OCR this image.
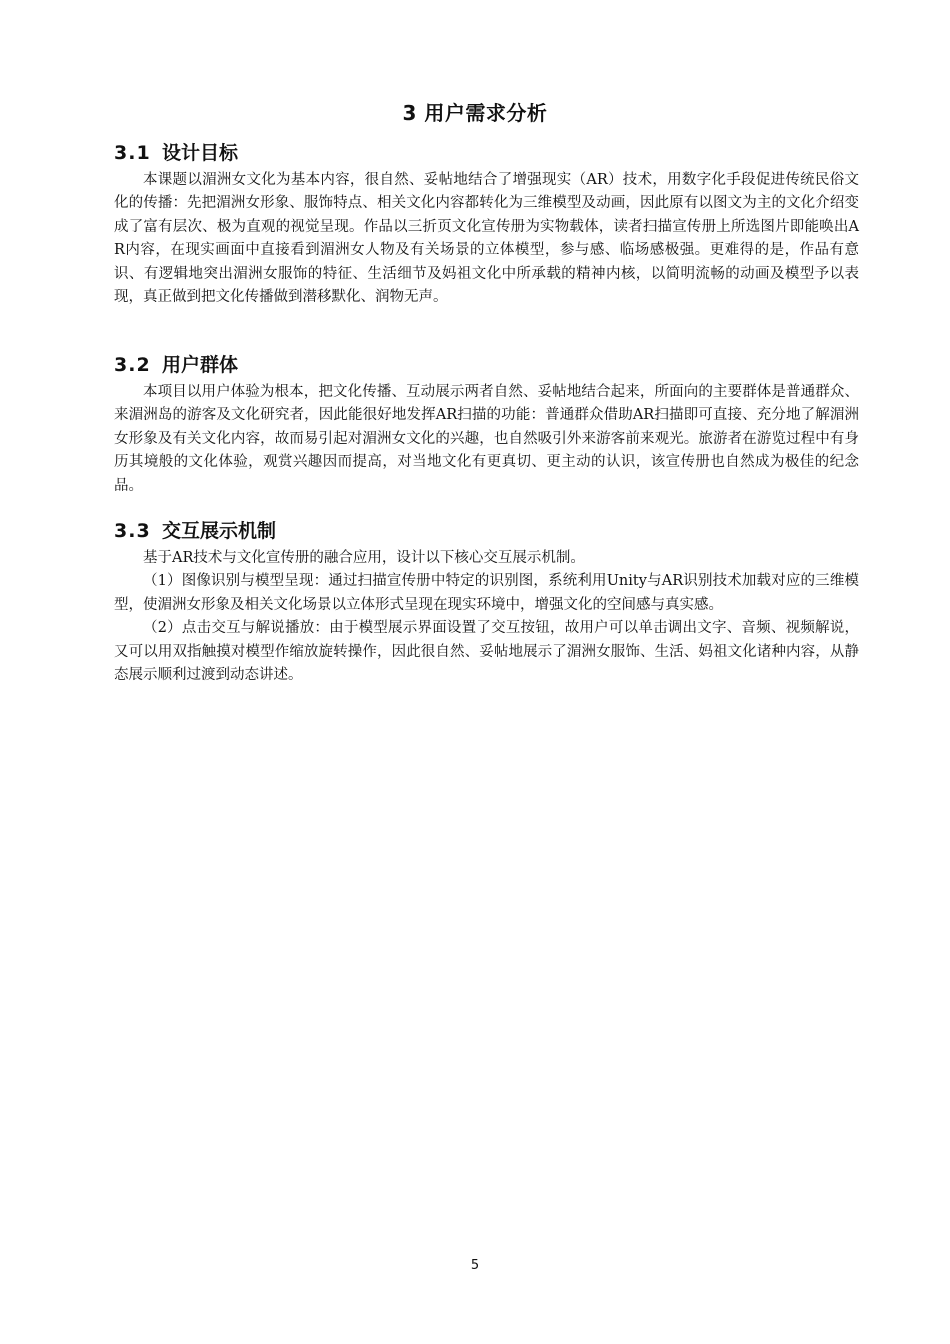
3 用户需求分析
3.1 设计目标

本课题以湄洲女文化为基本内容，很自然、妥帖地结合了增强现实（AR）技术，用数字化手段促进传统民俗文化的传播：先把湄洲女形象、服饰特点、相关文化内容都转化为三维模型及动画，因此原有以图文为主的文化介绍变成了富有层次、极为直观的视觉呈现。作品以三折页文化宣传册为实物载体，读者扫描宣传册上所选图片即能唤出AR内容，在现实画面中直接看到湄洲女人物及有关场景的立体模型，参与感、临场感极强。更难得的是，作品有意识、有逻辑地突出湄洲女服饰的特征、生活细节及妈祖文化中所承载的精神内核，以简明流畅的动画及模型予以表现，真正做到把文化传播做到潜移默化、润物无声。

3.2 用户群体

本项目以用户体验为根本，把文化传播、互动展示两者自然、妥帖地结合起来，所面向的主要群体是普通群众、来湄洲岛的游客及文化研究者，因此能很好地发挥AR扫描的功能：普通群众借助AR扫描即可直接、充分地了解湄洲女形象及有关文化内容，故而易引起对湄洲女文化的兴趣，也自然吸引外来游客前来观光。旅游者在游览过程中有身历其境般的文化体验，观赏兴趣因而提高，对当地文化有更真切、更主动的认识，该宣传册也自然成为极佳的纪念品。

3.3 交互展示机制

基于AR技术与文化宣传册的融合应用，设计以下核心交互展示机制。

（1）图像识别与模型呈现：通过扫描宣传册中特定的识别图，系统利用Unity与AR识别技术加载对应的三维模型，使湄洲女形象及相关文化场景以立体形式呈现在现实环境中，增强文化的空间感与真实感。

（2）点击交互与解说播放：由于模型展示界面设置了交互按钮，故用户可以单击调出文字、音频、视频解说，又可以用双指触摸对模型作缩放旋转操作，因此很自然、妥帖地展示了湄洲女服饰、生活、妈祖文化诸种内容，从静态展示顺利过渡到动态讲述。

5
